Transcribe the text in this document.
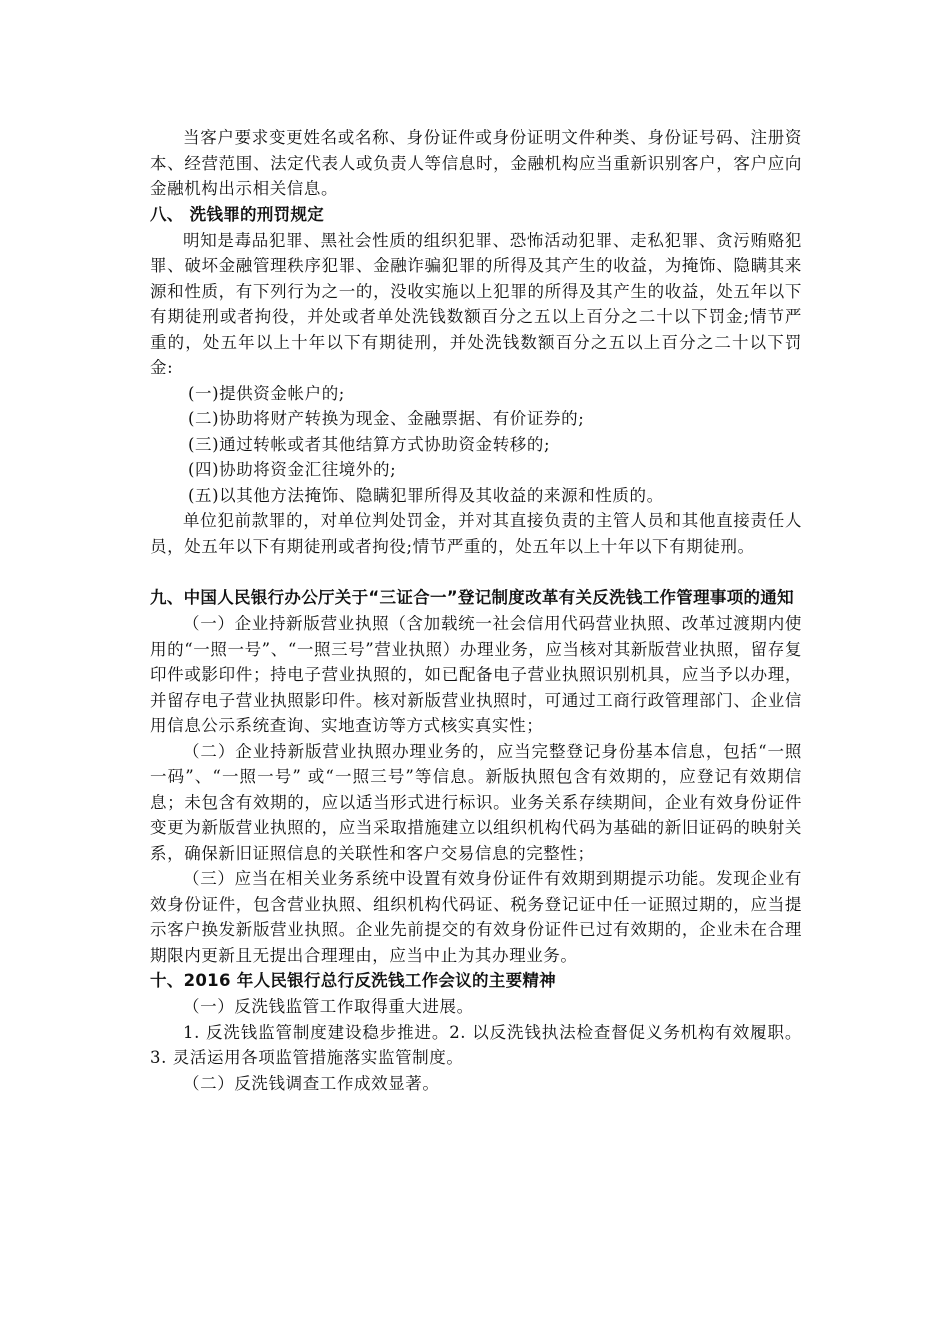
当客户要求变更姓名或名称、身份证件或身份证明文件种类、身份证号码、注册资本、经营范围、法定代表人或负责人等信息时，金融机构应当重新识别客户，客户应向金融机构出示相关信息。

八、 洗钱罪的刑罚规定

明知是毒品犯罪、黑社会性质的组织犯罪、恐怖活动犯罪、走私犯罪、贪污贿赂犯罪、破坏金融管理秩序犯罪、金融诈骗犯罪的所得及其产生的收益，为掩饰、隐瞒其来源和性质，有下列行为之一的，没收实施以上犯罪的所得及其产生的收益，处五年以下有期徒刑或者拘役，并处或者单处洗钱数额百分之五以上百分之二十以下罚金;情节严重的，处五年以上十年以下有期徒刑，并处洗钱数额百分之五以上百分之二十以下罚金:

(一)提供资金帐户的;

(二)协助将财产转换为现金、金融票据、有价证券的;

(三)通过转帐或者其他结算方式协助资金转移的;

(四)协助将资金汇往境外的;

(五)以其他方法掩饰、隐瞒犯罪所得及其收益的来源和性质的。

单位犯前款罪的，对单位判处罚金，并对其直接负责的主管人员和其他直接责任人员，处五年以下有期徒刑或者拘役;情节严重的，处五年以上十年以下有期徒刑。

九、中国人民银行办公厅关于“三证合一”登记制度改革有关反洗钱工作管理事项的通知

（一）企业持新版营业执照（含加载统一社会信用代码营业执照、改革过渡期内使用的“一照一号”、“一照三号”营业执照）办理业务，应当核对其新版营业执照，留存复印件或影印件；持电子营业执照的，如已配备电子营业执照识别机具，应当予以办理，并留存电子营业执照影印件。核对新版营业执照时，可通过工商行政管理部门、企业信用信息公示系统查询、实地查访等方式核实真实性；

（二）企业持新版营业执照办理业务的，应当完整登记身份基本信息，包括“一照一码”、“一照一号” 或“一照三号”等信息。新版执照包含有效期的，应登记有效期信息；未包含有效期的，应以适当形式进行标识。业务关系存续期间，企业有效身份证件变更为新版营业执照的，应当采取措施建立以组织机构代码为基础的新旧证码的映射关系，确保新旧证照信息的关联性和客户交易信息的完整性；

（三）应当在相关业务系统中设置有效身份证件有效期到期提示功能。发现企业有效身份证件，包含营业执照、组织机构代码证、税务登记证中任一证照过期的，应当提示客户换发新版营业执照。企业先前提交的有效身份证件已过有效期的，企业未在合理期限内更新且无提出合理理由，应当中止为其办理业务。

十、2016 年人民银行总行反洗钱工作会议的主要精神

（一）反洗钱监管工作取得重大进展。

1. 反洗钱监管制度建设稳步推进。2. 以反洗钱执法检查督促义务机构有效履职。3. 灵活运用各项监管措施落实监管制度。

（二）反洗钱调查工作成效显著。
